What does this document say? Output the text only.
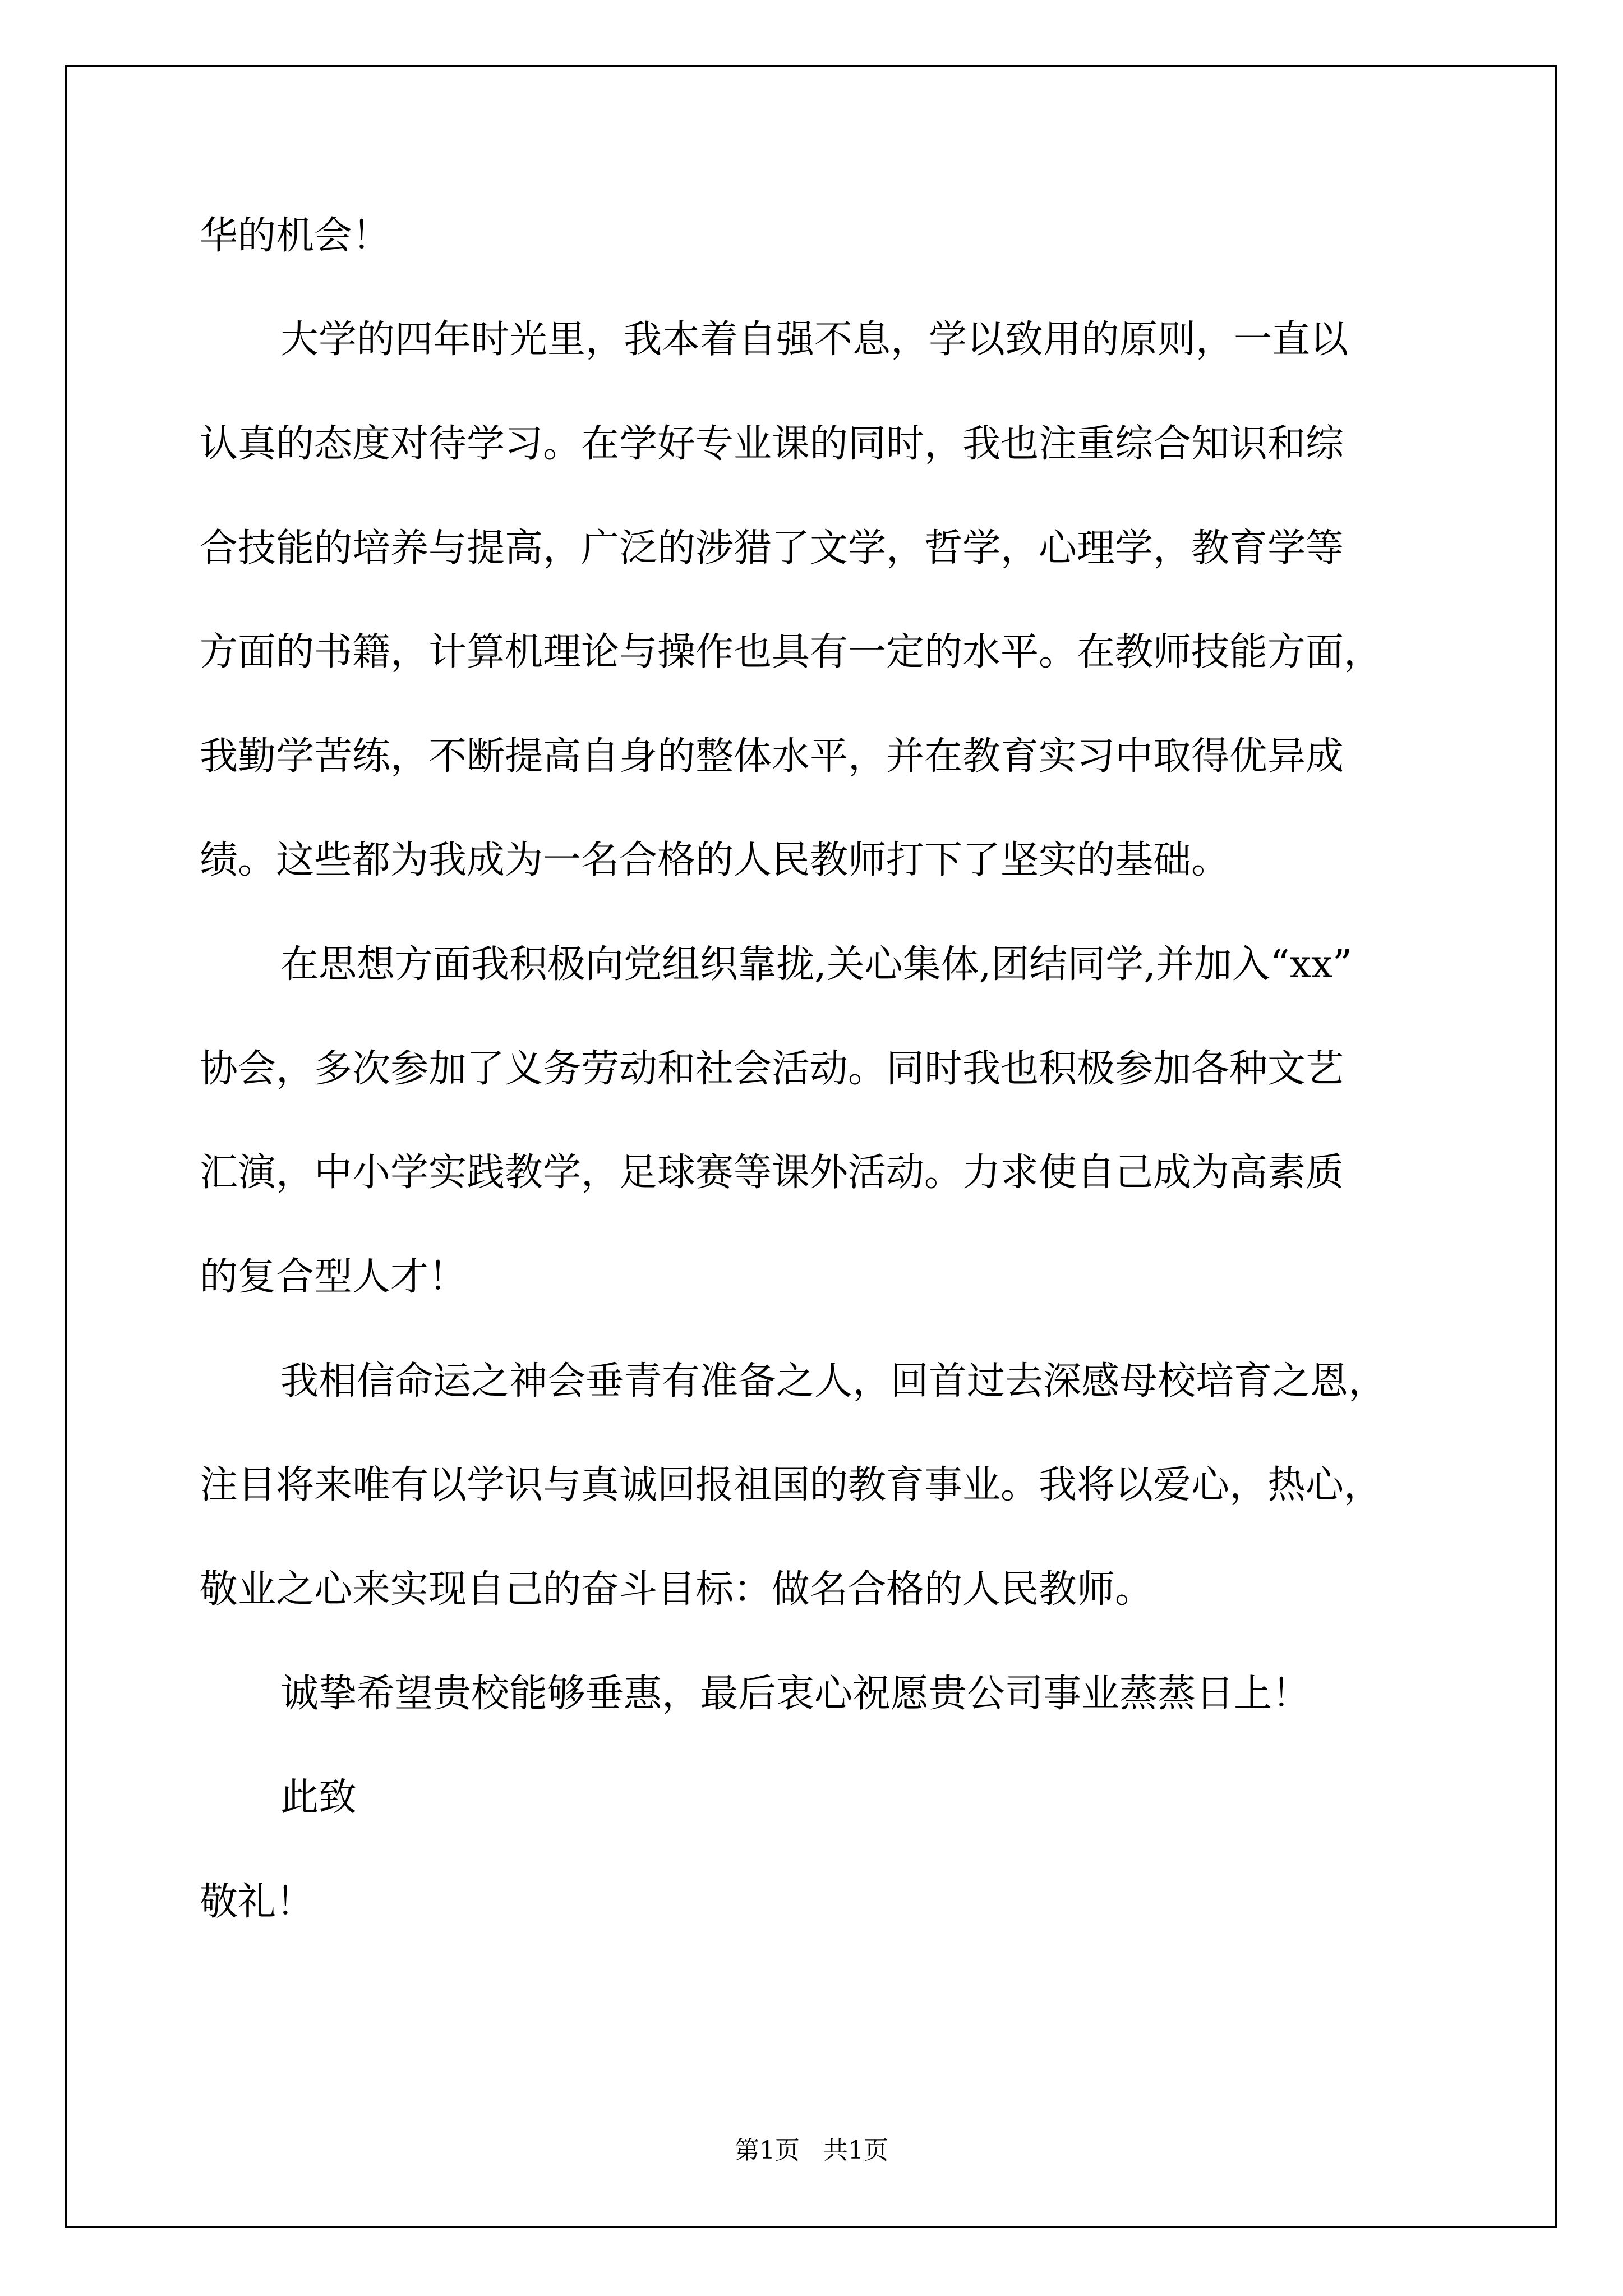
华的机会！
大学的四年时光里，我本着自强不息，学以致用的原则，一直以
认真的态度对待学习。在学好专业课的同时，我也注重综合知识和综
合技能的培养与提高，广泛的涉猎了文学，哲学，心理学，教育学等
方面的书籍，计算机理论与操作也具有一定的水平。在教师技能方面，
我勤学苦练，不断提高自身的整体水平，并在教育实习中取得优异成
绩。这些都为我成为一名合格的人民教师打下了坚实的基础。
在思想方面我积极向党组织靠拢,关心集体,团结同学,并加入“xx”
协会，多次参加了义务劳动和社会活动。同时我也积极参加各种文艺
汇演，中小学实践教学，足球赛等课外活动。力求使自己成为高素质
的复合型人才！
我相信命运之神会垂青有准备之人，回首过去深感母校培育之恩，
注目将来唯有以学识与真诚回报祖国的教育事业。我将以爱心，热心，
敬业之心来实现自己的奋斗目标：做名合格的人民教师。
诚挚希望贵校能够垂惠，最后衷心祝愿贵公司事业蒸蒸日上！
此致
敬礼！
第1页   共1页
